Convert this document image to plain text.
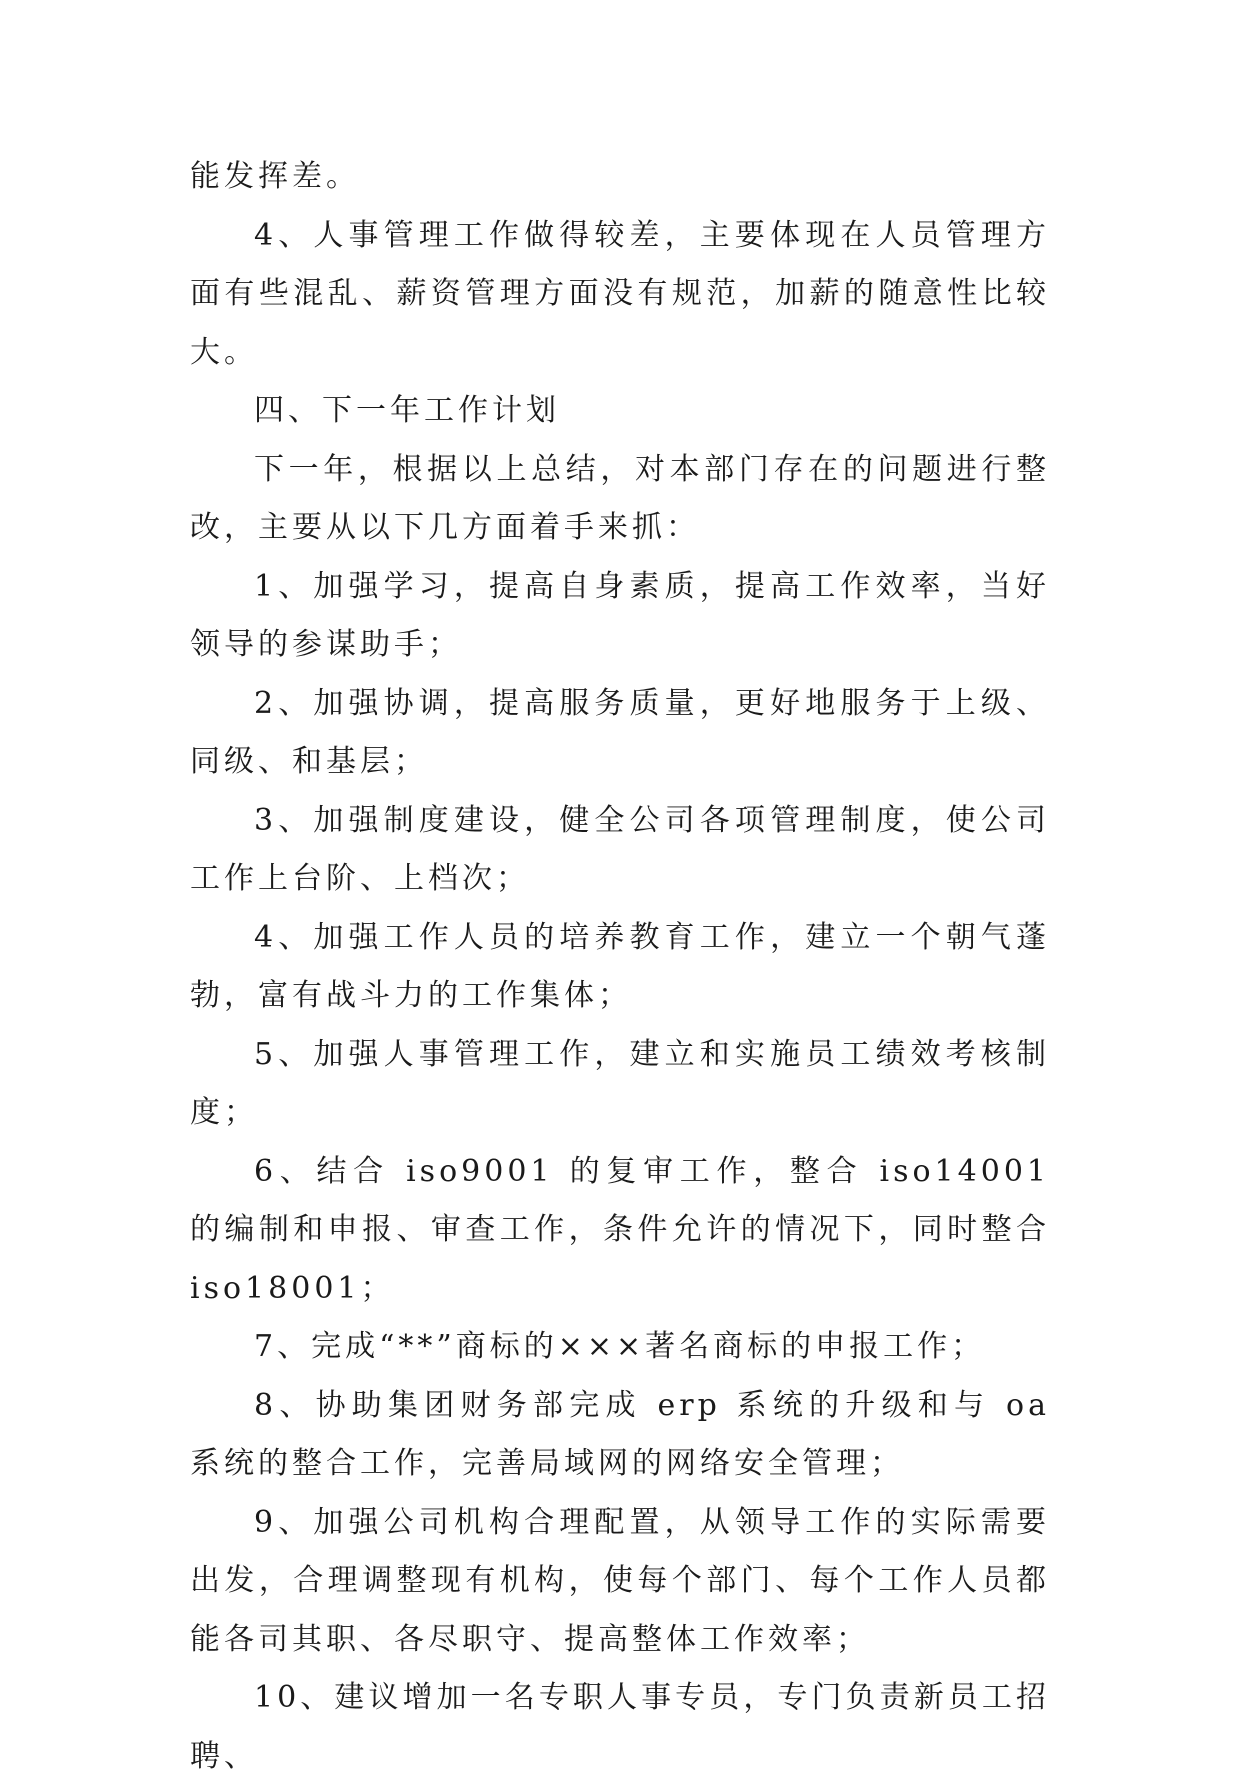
能发挥差。

4、人事管理工作做得较差，主要体现在人员管理方面有些混乱、薪资管理方面没有规范，加薪的随意性比较大。

四、下一年工作计划

下一年，根据以上总结，对本部门存在的问题进行整改，主要从以下几方面着手来抓：

1、加强学习，提高自身素质，提高工作效率，当好领导的参谋助手；

2、加强协调，提高服务质量，更好地服务于上级、同级、和基层；

3、加强制度建设，健全公司各项管理制度，使公司工作上台阶、上档次；

4、加强工作人员的培养教育工作，建立一个朝气蓬勃，富有战斗力的工作集体；

5、加强人事管理工作，建立和实施员工绩效考核制度；

6、结合 iso9001 的复审工作，整合 iso14001 的编制和申报、审查工作，条件允许的情况下，同时整合 iso18001；

7、完成“**”商标的×××著名商标的申报工作；

8、协助集团财务部完成 erp 系统的升级和与 oa 系统的整合工作，完善局域网的网络安全管理；

9、加强公司机构合理配置，从领导工作的实际需要出发，合理调整现有机构，使每个部门、每个工作人员都能各司其职、各尽职守、提高整体工作效率；

10、建议增加一名专职人事专员，专门负责新员工招聘、
